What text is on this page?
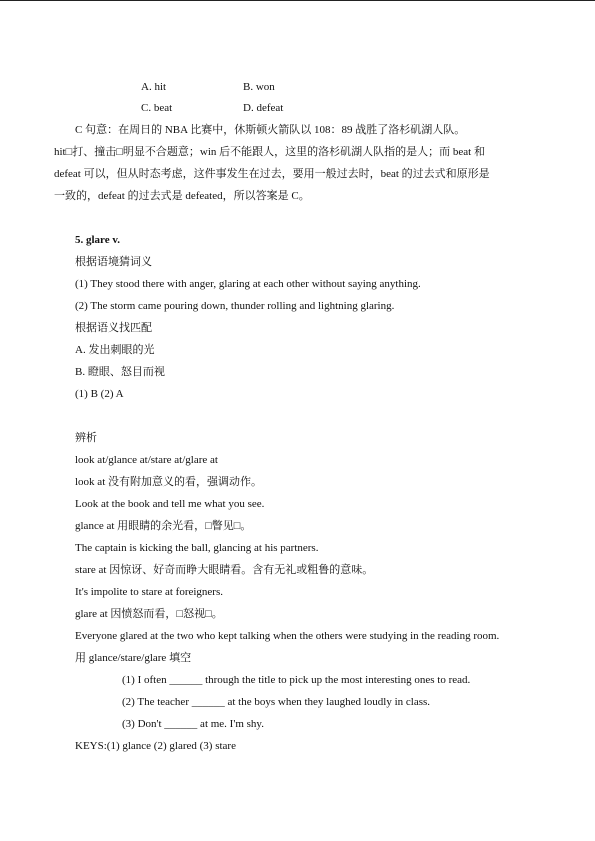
A. hit	B. won
C. beat	D. defeat
C 句意：在周日的 NBA 比赛中，休斯顿火箭队以 108：89 战胜了洛杉矶湖人队。
hit□打、撞击□明显不合题意；win 后不能跟人，这里的洛杉矶湖人队指的是人；而 beat 和
defeat 可以，但从时态考虑，这件事发生在过去，要用一般过去时，beat 的过去式和原形是
一致的，defeat 的过去式是 defeated，所以答案是 C。
5. glare v.
根据语境猜词义
(1) They stood there with anger, glaring at each other without saying anything.
(2) The storm came pouring down, thunder rolling and lightning glaring.
根据语义找匹配
A. 发出刺眼的光
B. 瞪眼、怒目而视
(1) B (2) A
辨析
look at/glance at/stare at/glare at
look at 没有附加意义的看，强调动作。
Look at the book and tell me what you see.
glance at 用眼睛的余光看，□瞥见□。
The captain is kicking the ball, glancing at his partners.
stare at 因惊讶、好奇而睁大眼睛看。含有无礼或粗鲁的意味。
It's impolite to stare at foreigners.
glare at 因愤怒而看，□怒视□。
Everyone glared at the two who kept talking when the others were studying in the reading room.
用 glance/stare/glare 填空
(1) I often ______ through the title to pick up the most interesting ones to read.
(2) The teacher ______ at the boys when they laughed loudly in class.
(3) Don't ______ at me. I'm shy.
KEYS:(1) glance (2) glared (3) stare
